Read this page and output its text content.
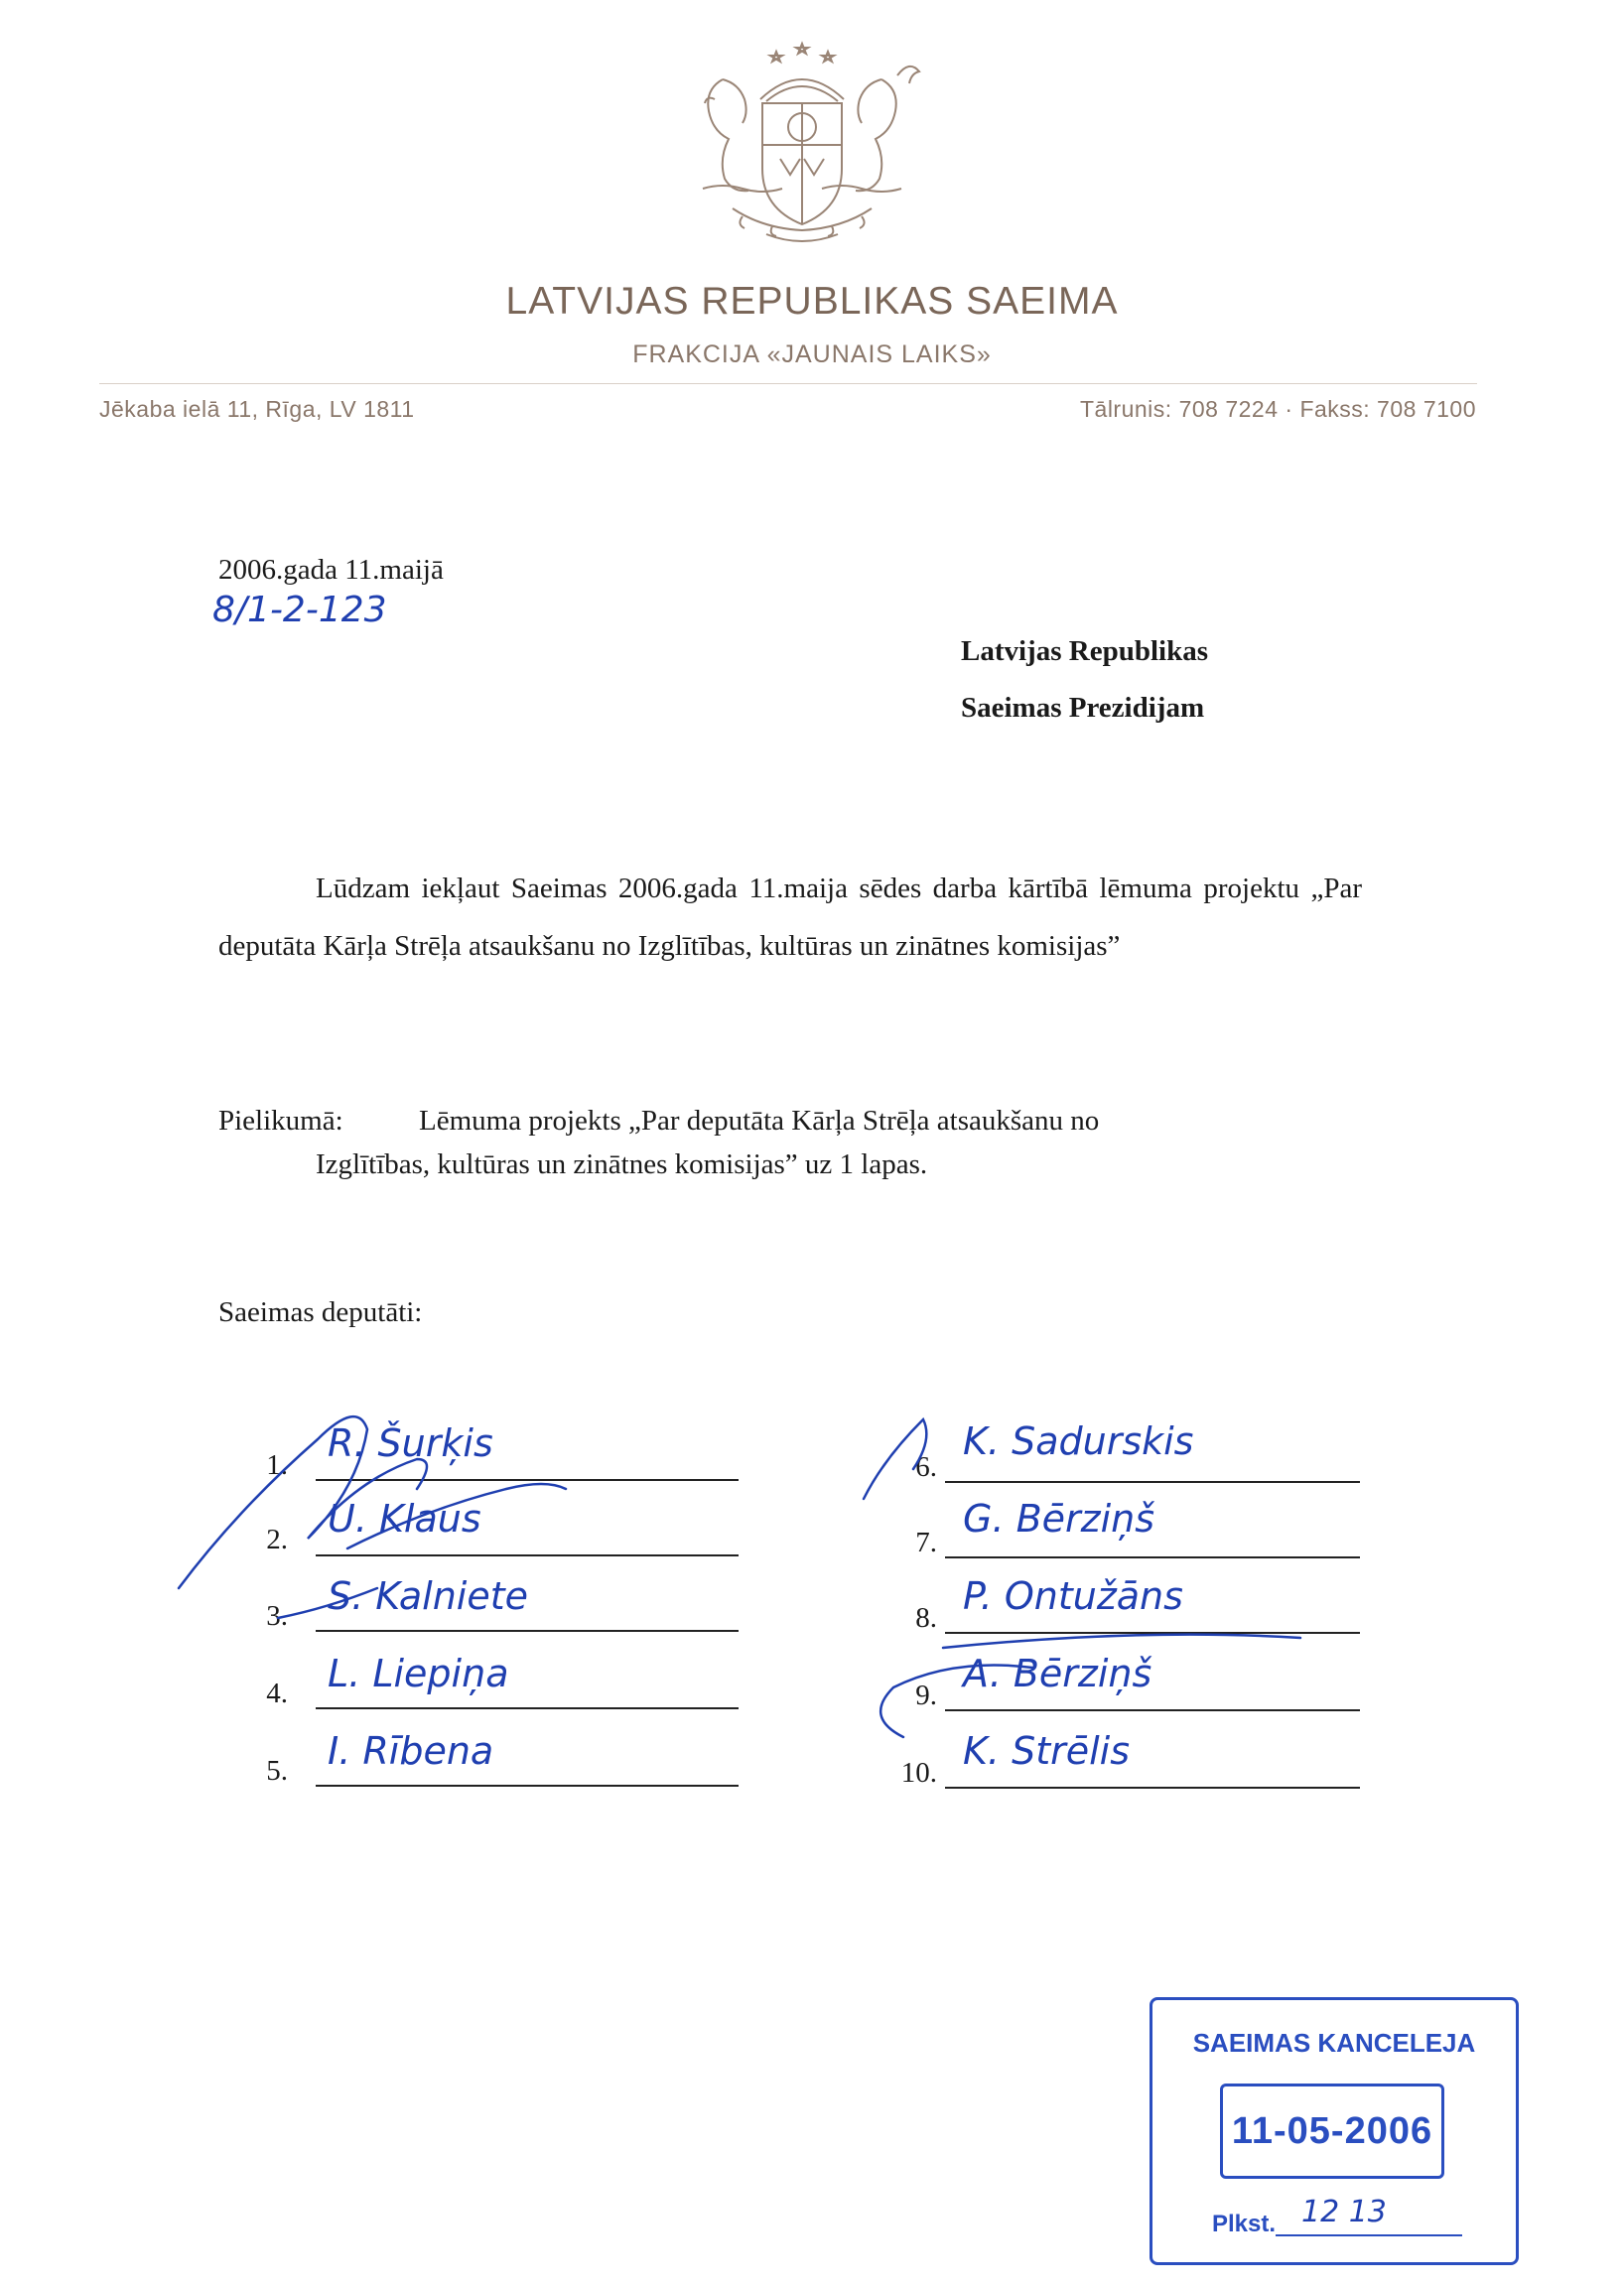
LATVIJAS REPUBLIKAS SAEIMA
FRAKCIJA «JAUNAIS LAIKS»
Jēkaba ielā 11, Rīga, LV 1811	Tālrunis: 708 7224 · Fakss: 708 7100
2006.gada 11.maijā
8/1-2-123
Latvijas Republikas
Saeimas Prezidijam
Lūdzam iekļaut Saeimas 2006.gada 11.maija sēdes darba kārtībā lēmuma projektu „Par deputāta Kārļa Strēļa atsaukšanu no Izglītības, kultūras un zinātnes komisijas”
Pielikumā:	Lēmuma projekts „Par deputāta Kārļa Strēļa atsaukšanu no
Izglītības, kultūras un zinātnes komisijas” uz 1 lapas.
Saeimas deputāti:
1. R. Šurķis
2. U. Klaus
3. S. Kalniete
4. L. Liepiņa
5. I. Rībena
6.
K. Sadurskis
7.
G. Bērziņš
8. P. Ontužāns
9. A. Bērziņš
10. K. Strēlis
SAEIMAS KANCELEJA
11-05-2006
Plkst. 12 13
